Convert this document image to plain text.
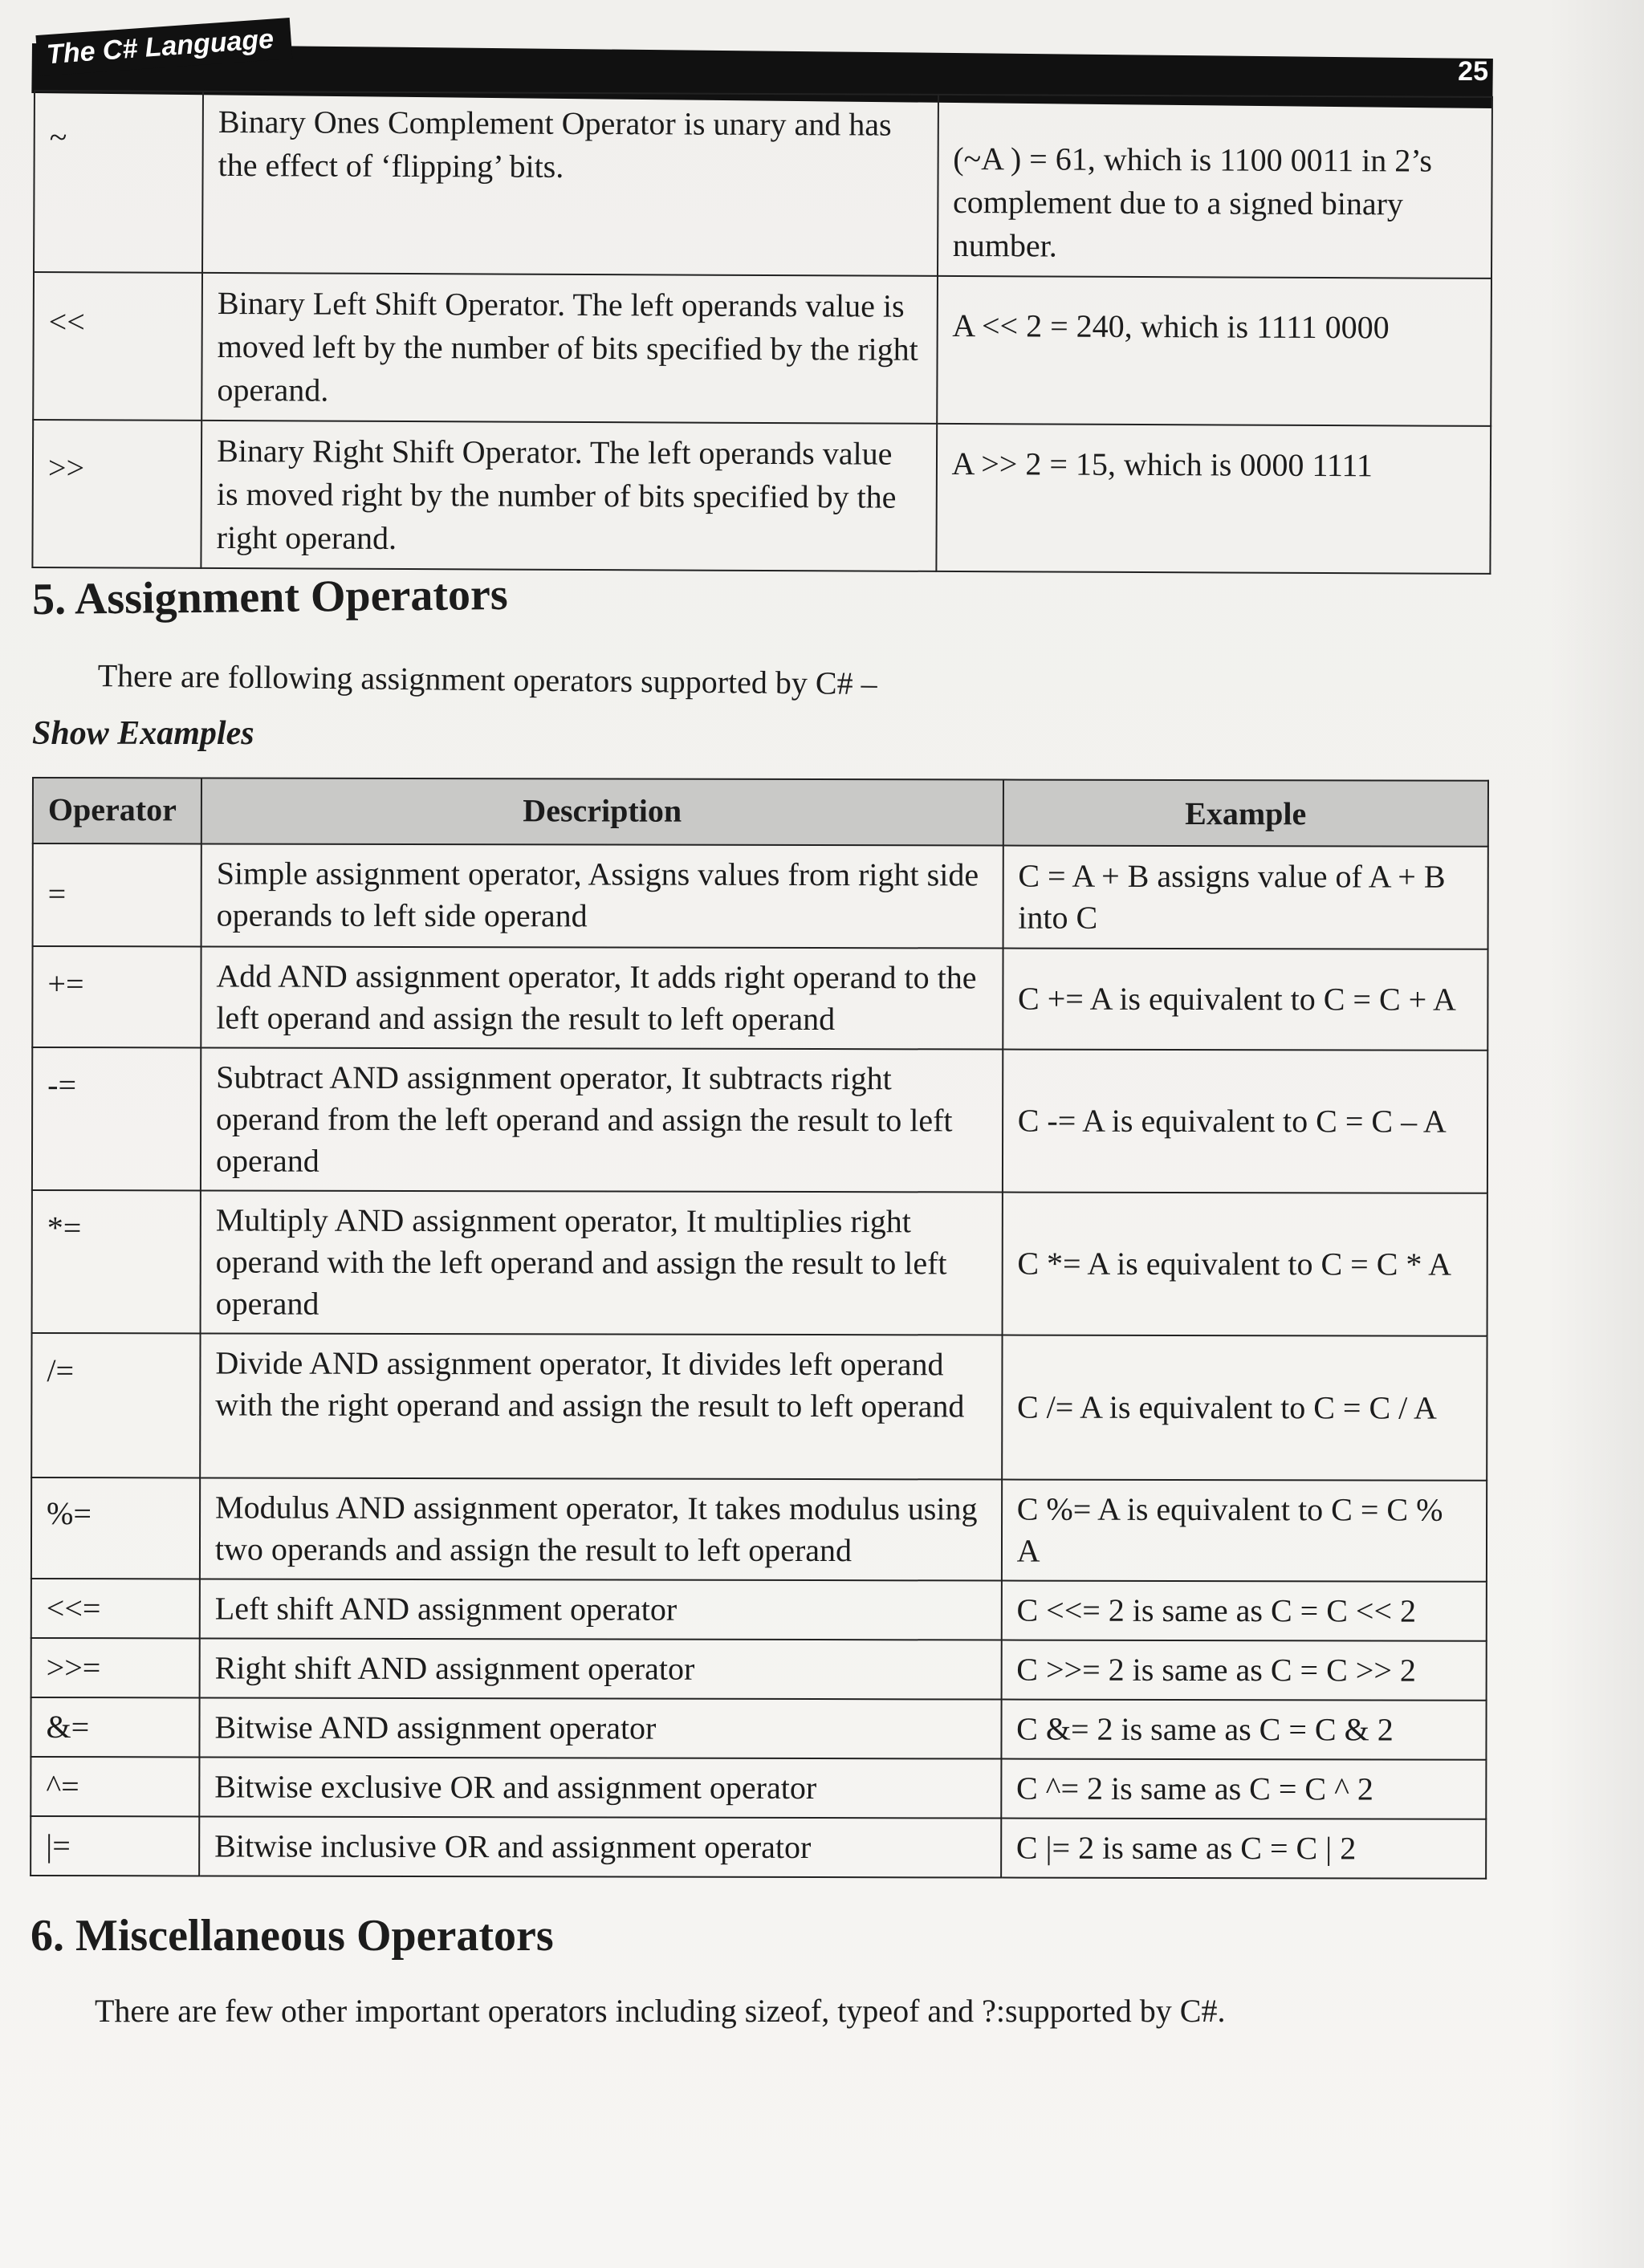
The C# Language
25
~	Binary Ones Complement Operator is unary and has the effect of ‘flipping’ bits.	(~A ) = 61, which is 1100 0011 in 2’s complement due to a signed binary number.
<<	Binary Left Shift Operator. The left operands value is moved left by the number of bits specified by the right operand.	A << 2 = 240, which is 1111 0000
>>	Binary Right Shift Operator. The left operands value is moved right by the number of bits specified by the right operand.	A >> 2 = 15, which is 0000 1111
5. Assignment Operators
There are following assignment operators supported by C# –
Show Examples
Operator	Description	Example
=	Simple assignment operator, Assigns values from right side operands to left side operand	C = A + B assigns value of A + B into C
+=	Add AND assignment operator, It adds right operand to the left operand and assign the result to left operand	C += A is equivalent to C = C + A
-=	Subtract AND assignment operator, It subtracts right operand from the left operand and assign the result to left operand	C -= A is equivalent to C = C – A
*=	Multiply AND assignment operator, It multiplies right operand with the left operand and assign the result to left operand	C *= A is equivalent to C = C * A
/=	Divide AND assignment operator, It divides left operand with the right operand and assign the result to left operand	C /= A is equivalent to C = C / A
%=	Modulus AND assignment operator, It takes modulus using two operands and assign the result to left operand	C %= A is equivalent to C = C % A
<<=	Left shift AND assignment operator	C <<= 2 is same as C = C << 2
>>=	Right shift AND assignment operator	C >>= 2 is same as C = C >> 2
&=	Bitwise AND assignment operator	C &= 2 is same as C = C & 2
^=	Bitwise exclusive OR and assignment operator	C ^= 2 is same as C = C ^ 2
|=	Bitwise inclusive OR and assignment operator	C |= 2 is same as C = C | 2
6. Miscellaneous Operators
There are few other important operators including sizeof, typeof and ?:supported by C#.
